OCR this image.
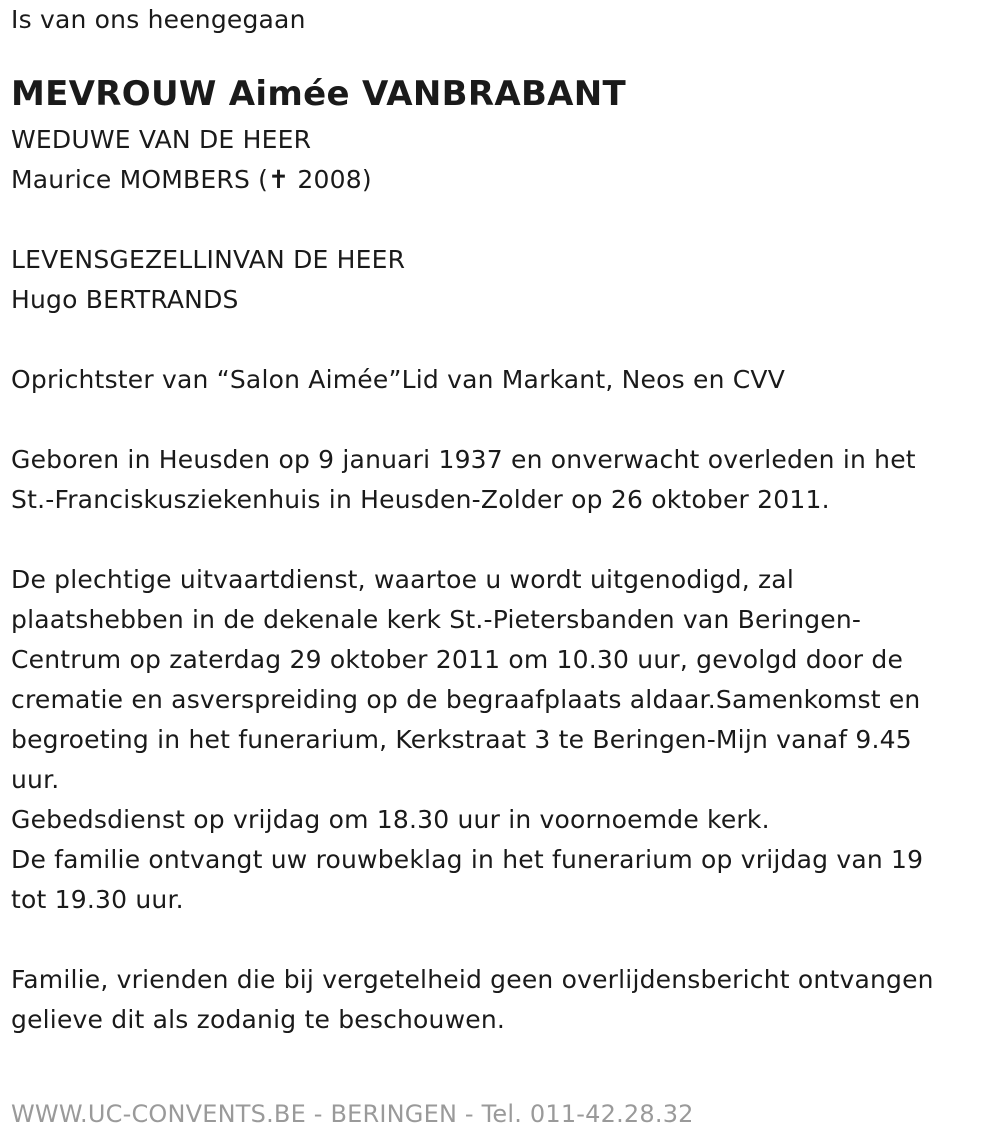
Is van ons heengegaan
MEVROUW Aimée VANBRABANT
WEDUWE VAN DE HEER
Maurice MOMBERS (✝ 2008)
LEVENSGEZELLINVAN DE HEER
Hugo BERTRANDS
Oprichtster van “Salon Aimée”Lid van Markant, Neos en CVV
Geboren in Heusden op 9 januari 1937 en onverwacht overleden in het
St.-Franciskusziekenhuis in Heusden-Zolder op 26 oktober 2011.
De plechtige uitvaartdienst, waartoe u wordt uitgenodigd, zal
plaatshebben in de dekenale kerk St.-Pietersbanden van Beringen-
Centrum op zaterdag 29 oktober 2011 om 10.30 uur, gevolgd door de
crematie en asverspreiding op de begraafplaats aldaar.Samenkomst en
begroeting in het funerarium, Kerkstraat 3 te Beringen-Mijn vanaf 9.45
uur.
Gebedsdienst op vrijdag om 18.30 uur in voornoemde kerk.
De familie ontvangt uw rouwbeklag in het funerarium op vrijdag van 19
tot 19.30 uur.
Familie, vrienden die bij vergetelheid geen overlijdensbericht ontvangen
gelieve dit als zodanig te beschouwen.
WWW.UC-CONVENTS.BE - BERINGEN - Tel. 011-42.28.32
